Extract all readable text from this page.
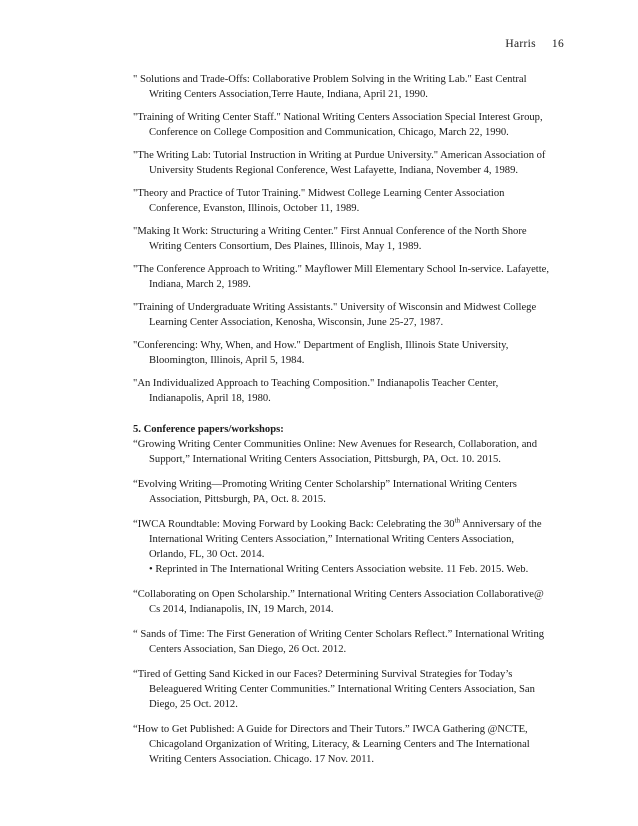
Harris 16

" Solutions and Trade-Offs: Collaborative Problem Solving in the Writing Lab." East Central Writing Centers Association,Terre Haute, Indiana, April 21, 1990.

"Training of Writing Center Staff." National Writing Centers Association Special Interest Group, Conference on College Composition and Communication, Chicago, March 22, 1990.

"The Writing Lab: Tutorial Instruction in Writing at Purdue University." American Association of University Students Regional Conference, West Lafayette, Indiana, November 4, 1989.

"Theory and Practice of Tutor Training." Midwest College Learning Center Association Conference, Evanston, Illinois, October 11, 1989.

"Making It Work: Structuring a Writing Center." First Annual Conference of the North Shore Writing Centers Consortium, Des Plaines, Illinois, May 1, 1989.

"The Conference Approach to Writing." Mayflower Mill Elementary School In-service. Lafayette, Indiana, March 2, 1989.

"Training of Undergraduate Writing Assistants." University of Wisconsin and Midwest College Learning Center Association, Kenosha, Wisconsin, June 25-27, 1987.

"Conferencing: Why, When, and How." Department of English, Illinois State University, Bloomington, Illinois, April 5, 1984.

"An Individualized Approach to Teaching Composition." Indianapolis Teacher Center, Indianapolis, April 18, 1980.

5. Conference papers/workshops:

“Growing Writing Center Communities Online: New Avenues for Research, Collaboration, and Support,” International Writing Centers Association, Pittsburgh, PA, Oct. 10. 2015.

“Evolving Writing—Promoting Writing Center Scholarship” International Writing Centers Association, Pittsburgh, PA, Oct. 8. 2015.

“IWCA Roundtable: Moving Forward by Looking Back: Celebrating the 30th Anniversary of the International Writing Centers Association,” International Writing Centers Association, Orlando, FL, 30 Oct. 2014.
• Reprinted in The International Writing Centers Association website. 11 Feb. 2015. Web.

“Collaborating on Open Scholarship.” International Writing Centers Association Collaborative@ Cs 2014, Indianapolis, IN, 19 March, 2014.

“ Sands of Time: The First Generation of Writing Center Scholars Reflect.” International Writing Centers Association, San Diego, 26 Oct. 2012.

“Tired of Getting Sand Kicked in our Faces? Determining Survival Strategies for Today’s Beleaguered Writing Center Communities.” International Writing Centers Association, San Diego, 25 Oct. 2012.

“How to Get Published: A Guide for Directors and Their Tutors.” IWCA Gathering @NCTE, Chicagoland Organization of Writing, Literacy, & Learning Centers and The International Writing Centers Association. Chicago. 17 Nov. 2011.
